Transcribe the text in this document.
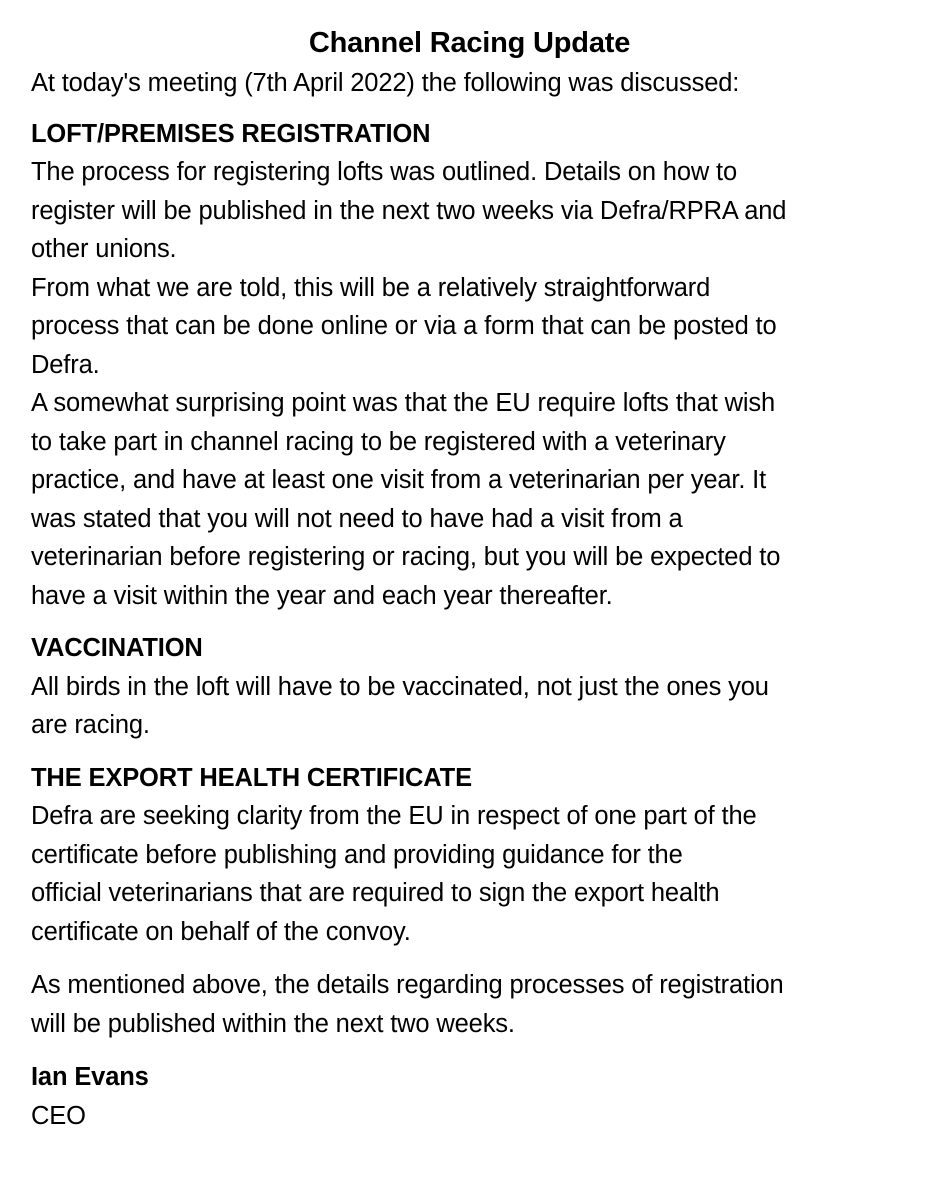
Channel Racing Update
At today's meeting (7th April 2022) the following was discussed:
LOFT/PREMISES REGISTRATION
The process for registering lofts was outlined. Details on how to
register will be published in the next two weeks via Defra/RPRA and
other unions.
From what we are told, this will be a relatively straightforward
process that can be done online or via a form that can be posted to
Defra.
A somewhat surprising point was that the EU require lofts that wish
to take part in channel racing to be registered with a veterinary
practice, and have at least one visit from a veterinarian per year. It
was stated that you will not need to have had a visit from a
veterinarian before registering or racing, but you will be expected to
have a visit within the year and each year thereafter.
VACCINATION
All birds in the loft will have to be vaccinated, not just the ones you
are racing.
THE EXPORT HEALTH CERTIFICATE
Defra are seeking clarity from the EU in respect of one part of the
certificate before publishing and providing guidance for the
official veterinarians that are required to sign the export health
certificate on behalf of the convoy.
As mentioned above, the details regarding processes of registration
will be published within the next two weeks.
Ian Evans
CEO
